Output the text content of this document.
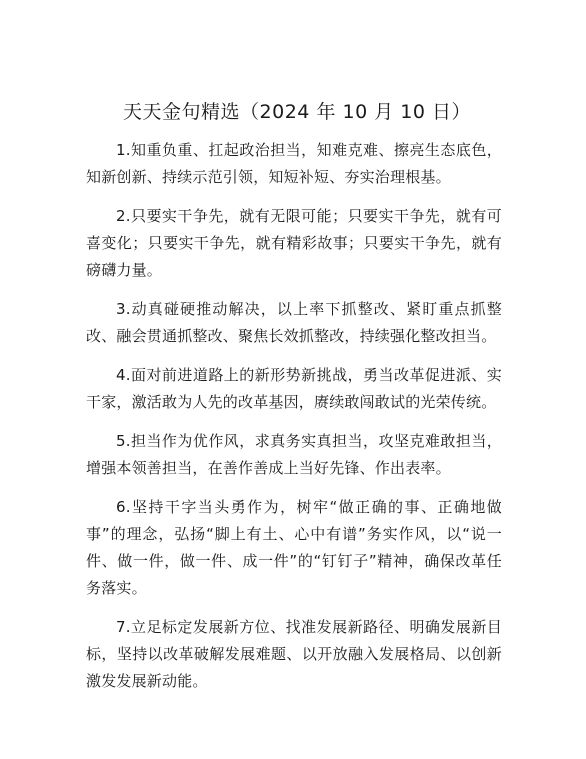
天天金句精选（2024 年 10 月 10 日）

1.知重负重、扛起政治担当，知难克难、擦亮生态底色，知新创新、持续示范引领，知短补短、夯实治理根基。

2.只要实干争先，就有无限可能；只要实干争先，就有可喜变化；只要实干争先，就有精彩故事；只要实干争先，就有磅礴力量。

3.动真碰硬推动解决，以上率下抓整改、紧盯重点抓整改、融会贯通抓整改、聚焦长效抓整改，持续强化整改担当。

4.面对前进道路上的新形势新挑战，勇当改革促进派、实干家，激活敢为人先的改革基因，赓续敢闯敢试的光荣传统。

5.担当作为优作风，求真务实真担当，攻坚克难敢担当，增强本领善担当，在善作善成上当好先锋、作出表率。

6.坚持干字当头勇作为，树牢“做正确的事、正确地做事”的理念，弘扬“脚上有土、心中有谱”务实作风，以“说一件、做一件，做一件、成一件”的“钉钉子”精神，确保改革任务落实。

7.立足标定发展新方位、找准发展新路径、明确发展新目标，坚持以改革破解发展难题、以开放融入发展格局、以创新激发发展新动能。
